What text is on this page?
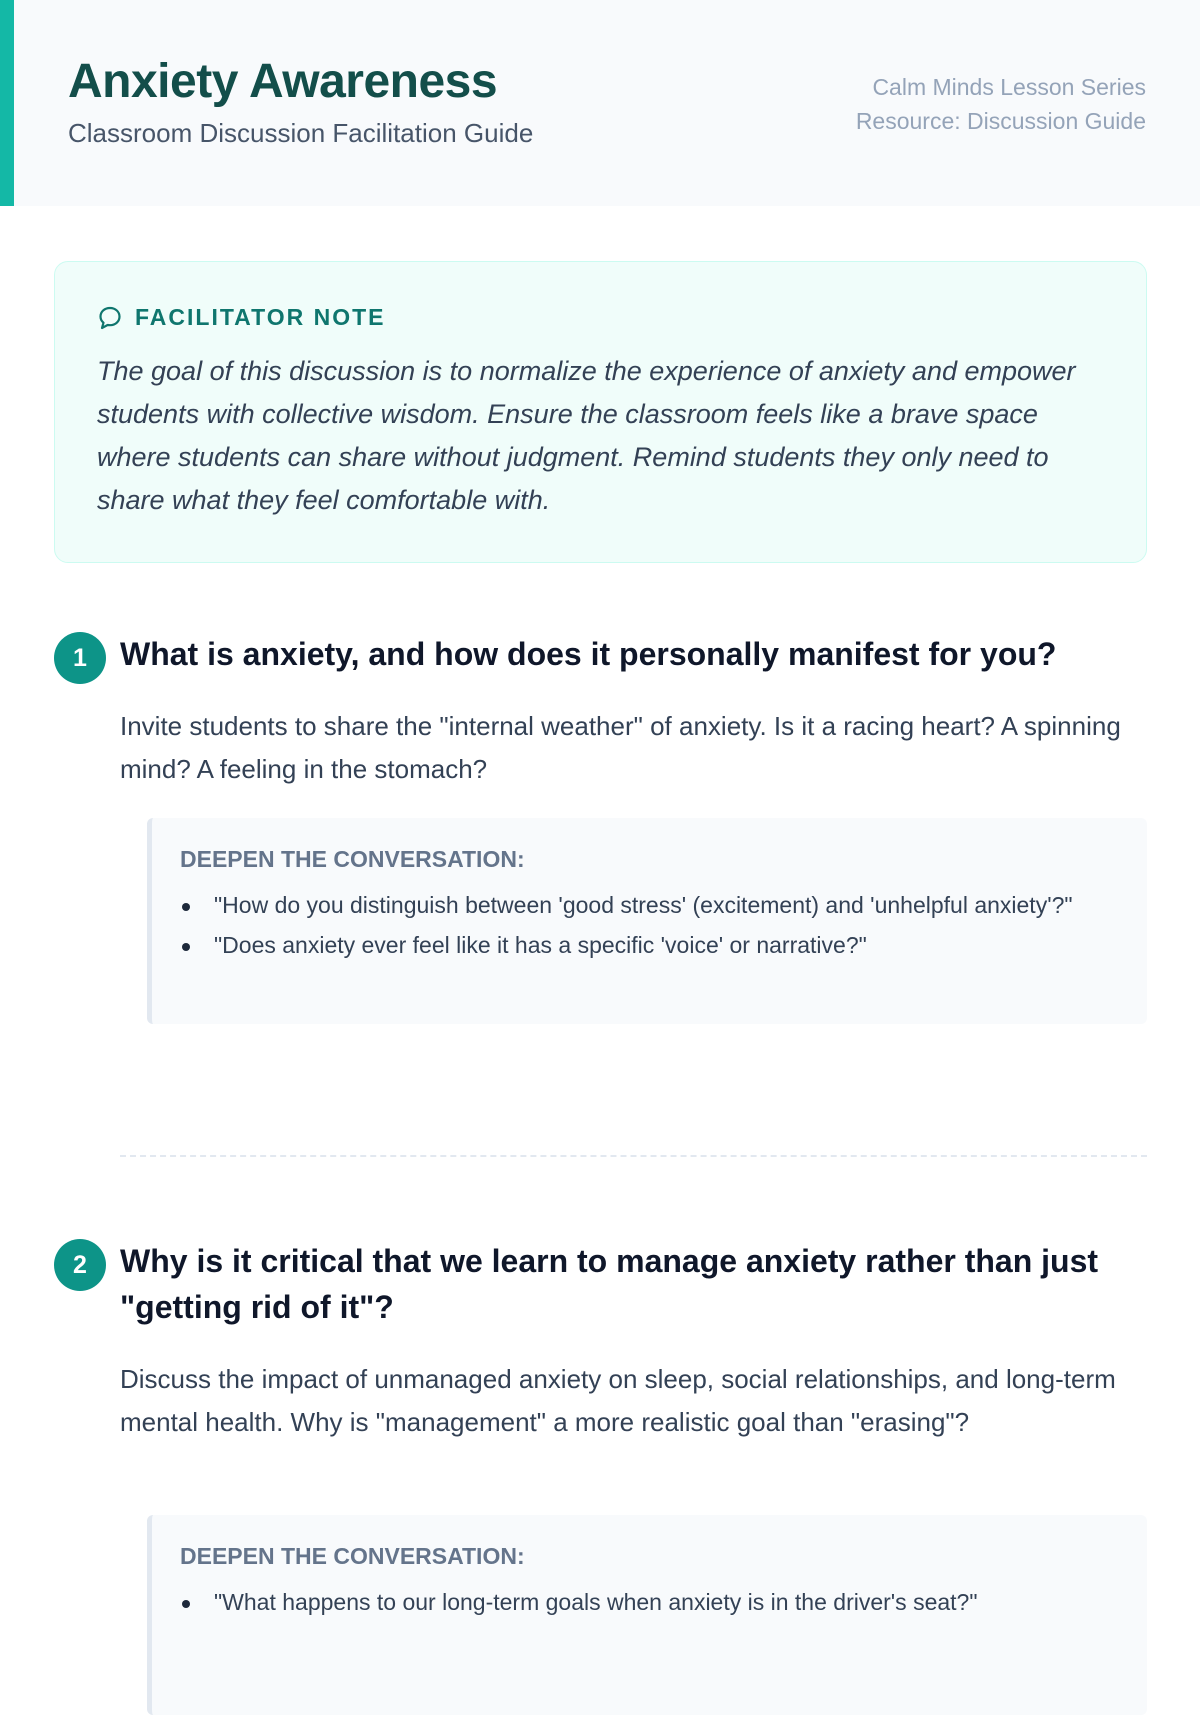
Anxiety Awareness
Classroom Discussion Facilitation Guide
Calm Minds Lesson Series
Resource: Discussion Guide
FACILITATOR NOTE

The goal of this discussion is to normalize the experience of anxiety and empower students with collective wisdom. Ensure the classroom feels like a brave space where students can share without judgment. Remind students they only need to share what they feel comfortable with.

1	What is anxiety, and how does it personally manifest for you?

Invite students to share the "internal weather" of anxiety. Is it a racing heart? A spinning mind? A feeling in the stomach?

DEEPEN THE CONVERSATION:
"How do you distinguish between 'good stress' (excitement) and 'unhelpful anxiety'?"
"Does anxiety ever feel like it has a specific 'voice' or narrative?"
2	Why is it critical that we learn to manage anxiety rather than just "getting rid of it"?

Discuss the impact of unmanaged anxiety on sleep, social relationships, and long-term mental health. Why is "management" a more realistic goal than "erasing"?

DEEPEN THE CONVERSATION:
"What happens to our long-term goals when anxiety is in the driver's seat?"
